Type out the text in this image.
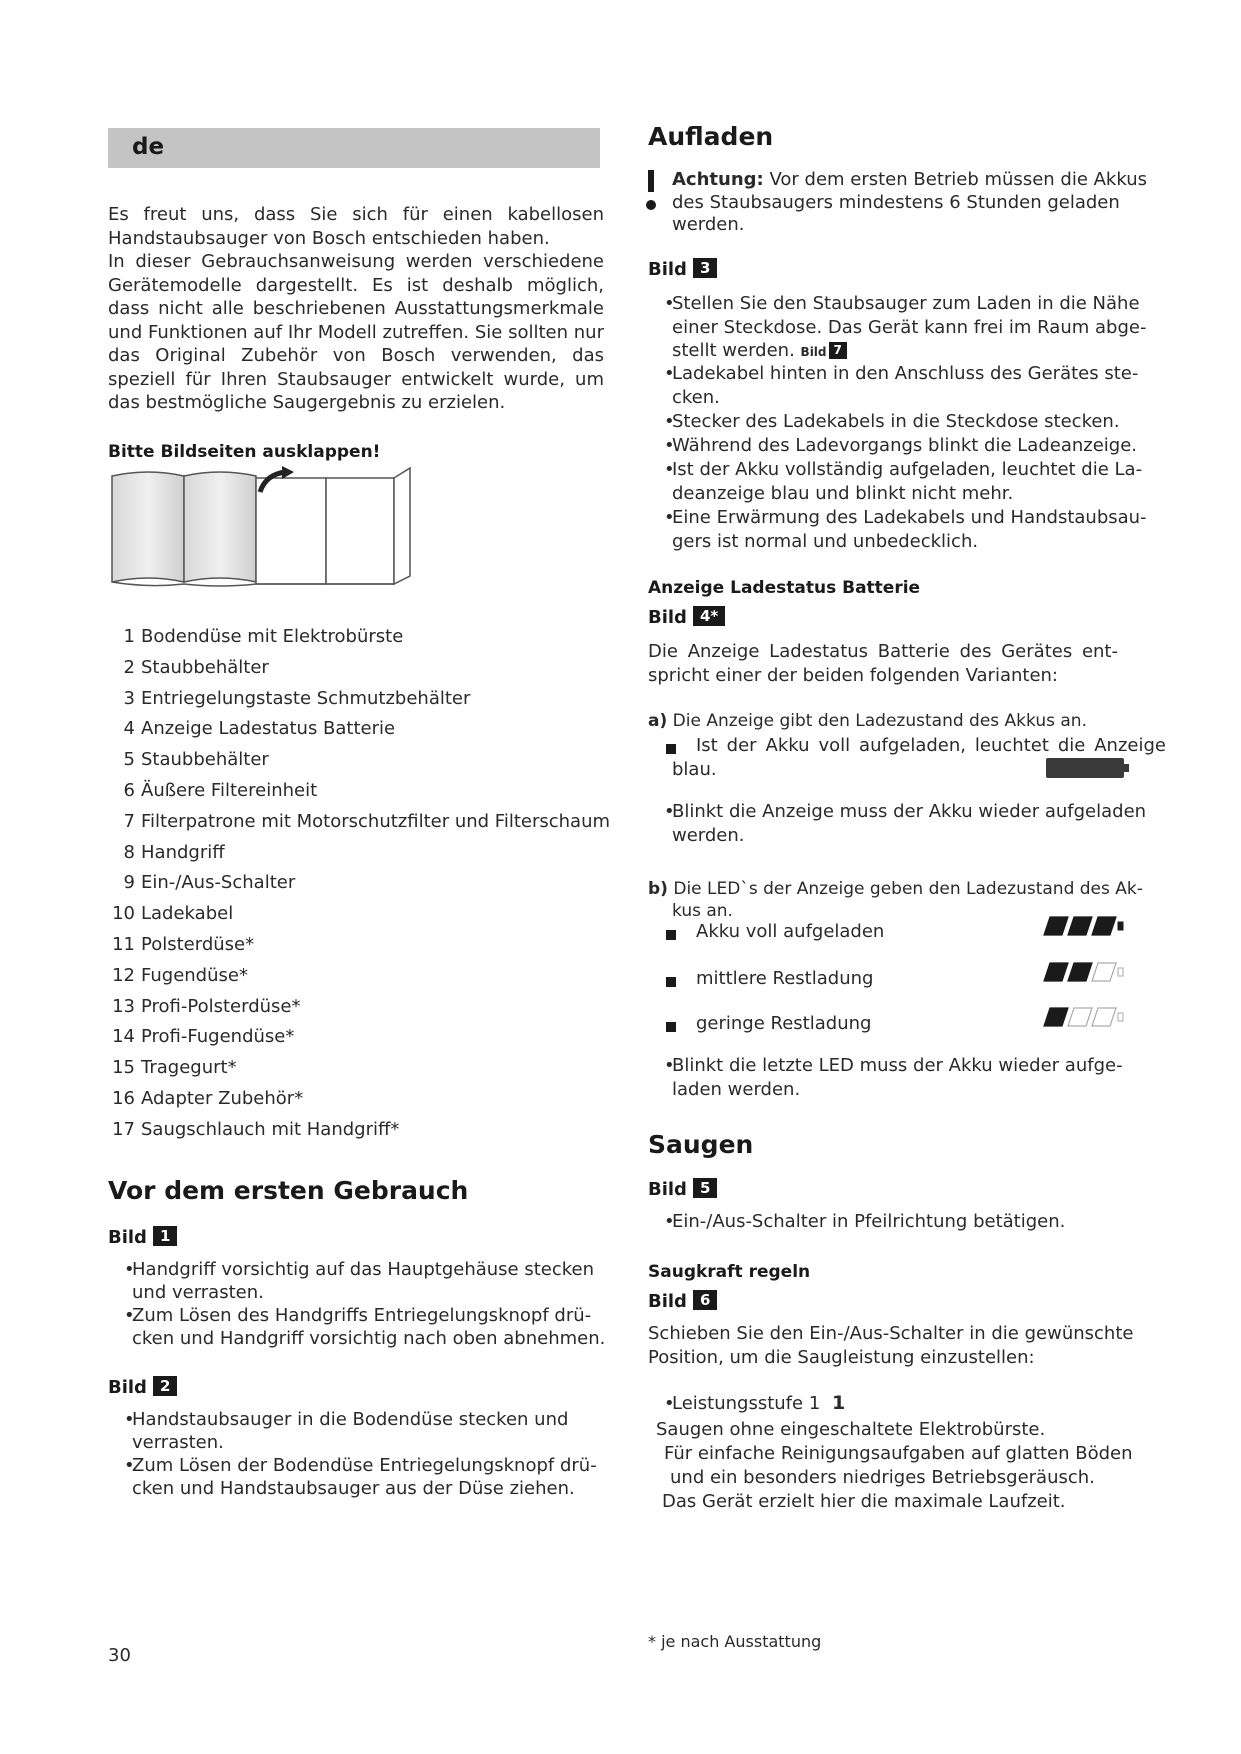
de

Es freut uns, dass Sie sich für einen kabellosen Handstaubsauger von Bosch entschieden haben.

In dieser Gebrauchsanweisung werden verschiedene Gerätemodelle dargestellt. Es ist deshalb möglich, dass nicht alle beschriebenen Ausstattungsmerkmale und Funktionen auf Ihr Modell zutreffen. Sie sollten nur das Original Zubehör von Bosch verwenden, das speziell für Ihren Staubsauger entwickelt wurde, um das bestmögliche Saugergebnis zu erzielen.

Bitte Bildseiten ausklappen!
1 Bodendüse mit Elektrobürste
2 Staubbehälter
3 Entriegelungstaste Schmutzbehälter
4 Anzeige Ladestatus Batterie
5 Staubbehälter
6 Äußere Filtereinheit
7 Filterpatrone mit Motorschutzfilter und Filterschaum
8 Handgriff
9 Ein-/Aus-Schalter
10 Ladekabel
11 Polsterdüse*
12 Fugendüse*
13 Profi-Polsterdüse*
14 Profi-Fugendüse*
15 Tragegurt*
16 Adapter Zubehör*
17 Saugschlauch mit Handgriff*
Vor dem ersten Gebrauch
Bild 1
•
Handgriff vorsichtig auf das Hauptgehäuse stecken
und verrasten.
•
Zum Lösen des Handgriffs Entriegelungsknopf drü-
cken und Handgriff vorsichtig nach oben abnehmen.
Bild 2
•
Handstaubsauger in die Bodendüse stecken und
verrasten.
•
Zum Lösen der Bodendüse Entriegelungsknopf drü-
cken und Handstaubsauger aus der Düse ziehen.
30
Aufladen
Achtung: Vor dem ersten Betrieb müssen die Akkus
des Staubsaugers mindestens 6 Stunden geladen
werden.
Bild 3
•
Stellen Sie den Staubsauger zum Laden in die Nähe
einer Steckdose. Das Gerät kann frei im Raum abge-
stellt werden. Bild 7
•
Ladekabel hinten in den Anschluss des Gerätes ste-
cken.
•
Stecker des Ladekabels in die Steckdose stecken.
•
Während des Ladevorgangs blinkt die Ladeanzeige.
•
Ist der Akku vollständig aufgeladen, leuchtet die La-
deanzeige blau und blinkt nicht mehr.
•
Eine Erwärmung des Ladekabels und Handstaubsau-
gers ist normal und unbedecklich.
Anzeige Ladestatus Batterie
Bild 4*
Die Anzeige Ladestatus Batterie des Gerätes ent-
spricht einer der beiden folgenden Varianten:
a) Die Anzeige gibt den Ladezustand des Akkus an.
Ist der Akku voll aufgeladen, leuchtet die Anzeige
blau.
•
Blinkt die Anzeige muss der Akku wieder aufgeladen
werden.
b) Die LED`s der Anzeige geben den Ladezustand des Ak-
kus an.
Akku voll aufgeladen
mittlere Restladung
geringe Restladung
•
Blinkt die letzte LED muss der Akku wieder aufge-
laden werden.
Saugen
Bild 5
•
Ein-/Aus-Schalter in Pfeilrichtung betätigen.
Saugkraft regeln
Bild 6
Schieben Sie den Ein-/Aus-Schalter in die gewünschte
Position, um die Saugleistung einzustellen:
•
Leistungsstufe 1 1
Saugen ohne eingeschaltete Elektrobürste.
Für einfache Reinigungsaufgaben auf glatten Böden
und ein besonders niedriges Betriebsgeräusch.
Das Gerät erzielt hier die maximale Laufzeit.
* je nach Ausstattung
